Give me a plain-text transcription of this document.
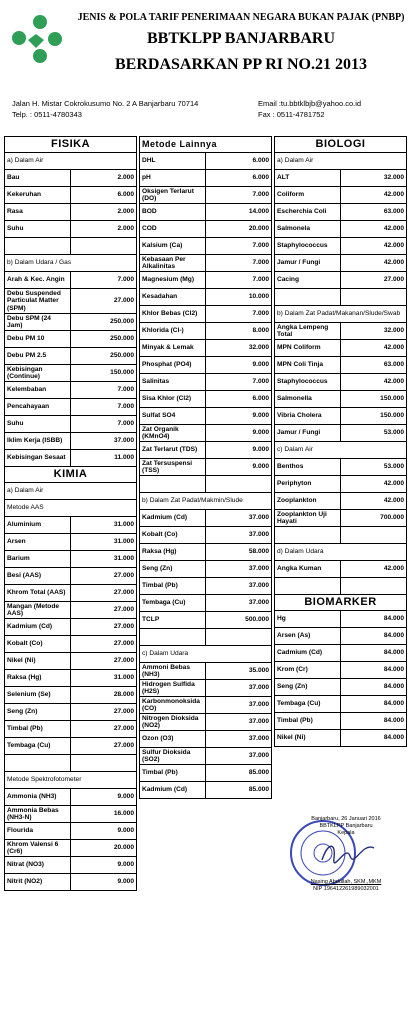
JENIS & POLA TARIF PENERIMAAN NEGARA BUKAN PAJAK (PNBP)
BBTKLPP BANJARBARU
BERDASARKAN PP RI NO.21 2013
Jalan H. Mistar Cokrokusumo No. 2 A Banjarbaru 70714
Telp. : 0511-4780343
Email :tu.bbtklbjb@yahoo.co.id
Fax : 0511-4781752
FISIKA	
a) Dalam Air	
Bau	2.000
Kekeruhan	6.000
Rasa	2.000
Suhu	2.000

b) Dalam Udara / Gas	
Arah & Kec. Angin	7.000
Debu Suspended Particulat Matter (SPM)	27.000
Debu SPM (24 Jam)	250.000
Debu PM 10	250.000
Debu PM 2.5	250.000
Kebisingan (Continue)	150.000
Kelembaban	7.000
Pencahayaan	7.000
Suhu	7.000
Iklim Kerja (ISBB)	37.000
Kebisingan Sesaat	11.000
KIMIA	
a) Dalam Air	
Metode AAS	
Aluminium	31.000
Arsen	31.000
Barium	31.000
Besi (AAS)	27.000
Khrom Total (AAS)	27.000
Mangan (Metode AAS)	27.000
Kadmium (Cd)	27.000
Kobalt (Co)	27.000
Nikel (Ni)	27.000
Raksa (Hg)	31.000
Selenium (Se)	28.000
Seng (Zn)	27.000
Timbal (Pb)	27.000
Tembaga (Cu)	27.000

Metode Spektrofotometer	
Ammonia (NH3)	9.000
Ammonia Bebas (NH3-N)	16.000
Flourida	9.000
Khrom Valensi 6 (Cr6)	20.000
Nitrat (NO3)	9.000
Nitrit (NO2)	9.000
Metode Lainnya	
DHL	6.000
pH	6.000
Oksigen Terlarut (DO)	7.000
BOD	14.000
COD	20.000
Kalsium (Ca)	7.000
Kebasaan Per Alkalinitas	7.000
Magnesium (Mg)	7.000
Kesadahan	10.000
Khlor Bebas (Cl2)	7.000
Khlorida (Cl-)	8.000
Minyak & Lemak	32.000
Phosphat (PO4)	9.000
Salinitas	7.000
Sisa Khlor (Cl2)	6.000
Sulfat SO4	9.000
Zat Organik (KMnO4)	9.000
Zat Terlarut (TDS)	9.000
Zat Tersuspensi (TSS)	9.000

b) Dalam Zat Padat/Makmin/Slude	
Kadmium (Cd)	37.000
Kobalt (Co)	37.000
Raksa (Hg)	58.000
Seng (Zn)	37.000
Timbal (Pb)	37.000
Tembaga (Cu)	37.000
TCLP	500.000

c) Dalam Udara	
Ammoni Bebas (NH3)	35.000
Hidrogen Sulfida (H2S)	37.000
Karbonmonoksida (CO)	37.000
Nitrogen Dioksida (NO2)	37.000
Ozon (O3)	37.000
Sulfur Dioksida (SO2)	37.000
Timbal (Pb)	85.000
Kadmium (Cd)	85.000
BIOLOGI	
a) Dalam Air	
ALT	32.000
Coliform	42.000
Escherchia Coli	63.000
Salmonela	42.000
Staphylococcus	42.000
Jamur / Fungi	42.000
Cacing	27.000

b) Dalam Zat Padat/Makanan/Slude/Swab	
Angka Lempeng Total	32.000
MPN Coliform	42.000
MPN Coli Tinja	63.000
Staphylococcus	42.000
Salmonella	150.000
Vibria Cholera	150.000
Jamur / Fungi	53.000
c) Dalam Air	
Benthos	53.000
Periphyton	42.000
Zooplankton	42.000
Zooplankton Uji Hayati	700.000

d) Dalam Udara	
Angka Kuman	42.000

BIOMARKER	
Hg	84.000
Arsen (As)	84.000
Cadmium (Cd)	84.000
Krom (Cr)	84.000
Seng (Zn)	84.000
Tembaga (Cu)	84.000
Timbal (Pb)	84.000
Nikel (Ni)	84.000
Banjarbaru, 26 Januari 2016
BBTKLPP Banjarbaru
Kepala
Nasing Abdullah, SKM.,MKM
NIP 196412261989032001
